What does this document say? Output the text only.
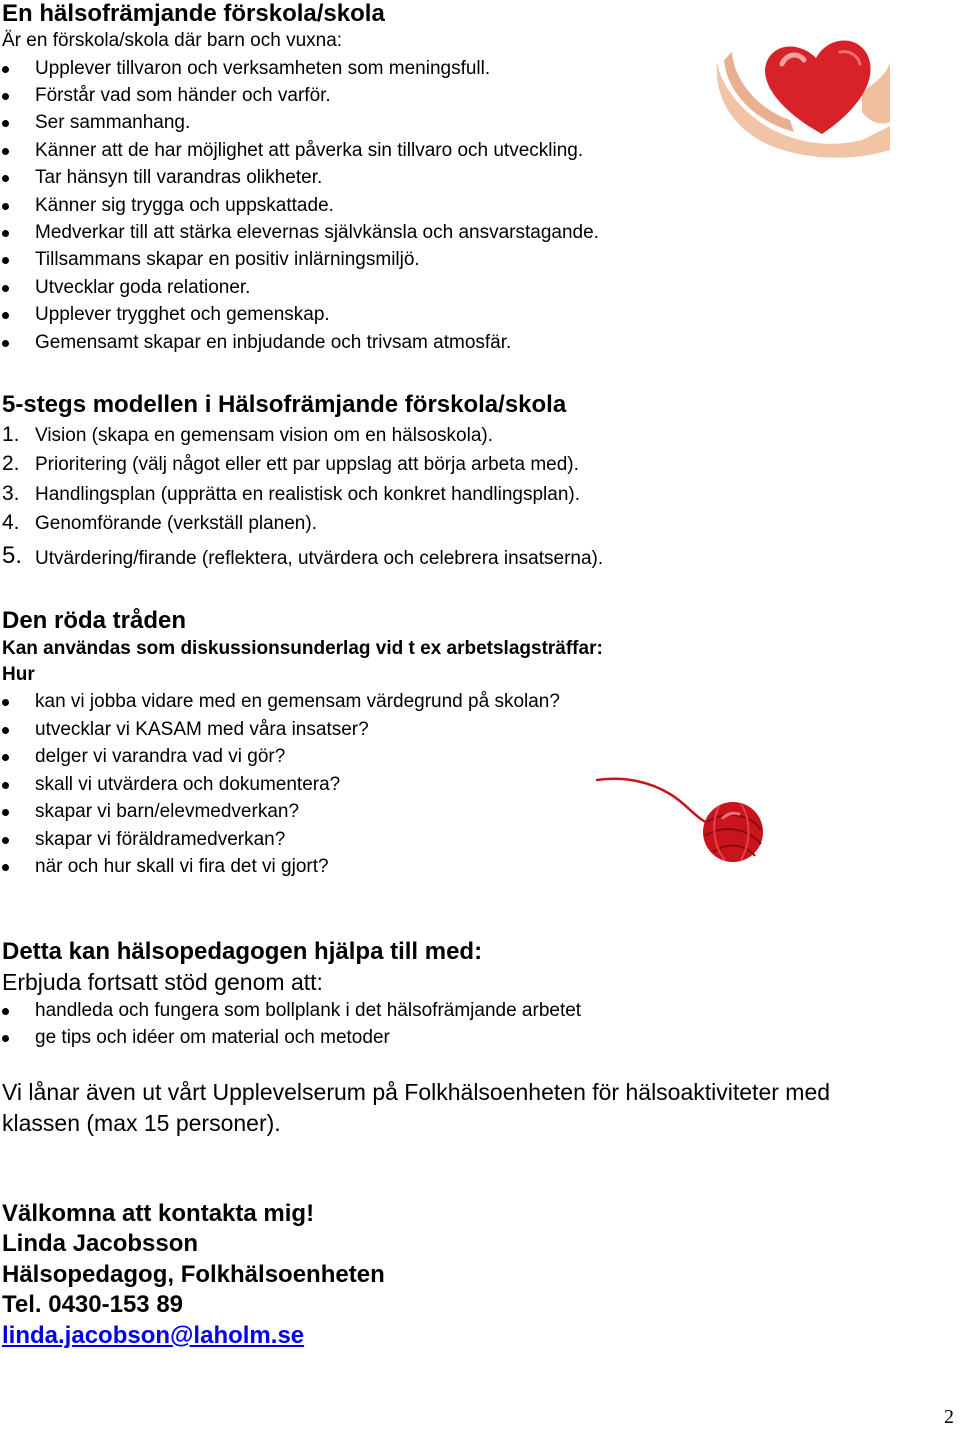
En hälsofrämjande förskola/skola
Är en förskola/skola där barn och vuxna:
Upplever tillvaron och verksamheten som meningsfull.
Förstår vad som händer och varför.
Ser sammanhang.
Känner att de har möjlighet att påverka sin tillvaro och utveckling.
Tar hänsyn till varandras olikheter.
Känner sig trygga och uppskattade.
Medverkar till att stärka elevernas självkänsla och ansvarstagande.
Tillsammans skapar en positiv inlärningsmiljö.
Utvecklar goda relationer.
Upplever trygghet och gemenskap.
Gemensamt skapar en inbjudande och trivsam atmosfär.
5-stegs modellen i Hälsofrämjande förskola/skola
1. Vision (skapa en gemensam vision om en hälsoskola).
2. Prioritering (välj något eller ett par uppslag att börja arbeta med).
3. Handlingsplan (upprätta en realistisk och konkret handlingsplan).
4. Genomförande (verkställ planen).
5. Utvärdering/firande (reflektera, utvärdera och celebrera insatserna).
Den röda tråden
Kan användas som diskussionsunderlag vid t ex arbetslagsträffar:
Hur
kan vi jobba vidare med en gemensam värdegrund på skolan?
utvecklar vi KASAM med våra insatser?
delger vi varandra vad vi gör?
skall vi utvärdera och dokumentera?
skapar vi barn/elevmedverkan?
skapar vi föräldramedverkan?
när och hur skall vi fira det vi gjort?
Detta kan hälsopedagogen hjälpa till med:
Erbjuda fortsatt stöd genom att:
handleda och fungera som bollplank i det hälsofrämjande arbetet
ge tips och idéer om material och metoder
Vi lånar även ut vårt Upplevelserum på Folkhälsoenheten för hälsoaktiviteter med
klassen (max 15 personer).
Välkomna att kontakta mig!
Linda Jacobsson
Hälsopedagog, Folkhälsoenheten
Tel. 0430-153 89
linda.jacobson@laholm.se
2
